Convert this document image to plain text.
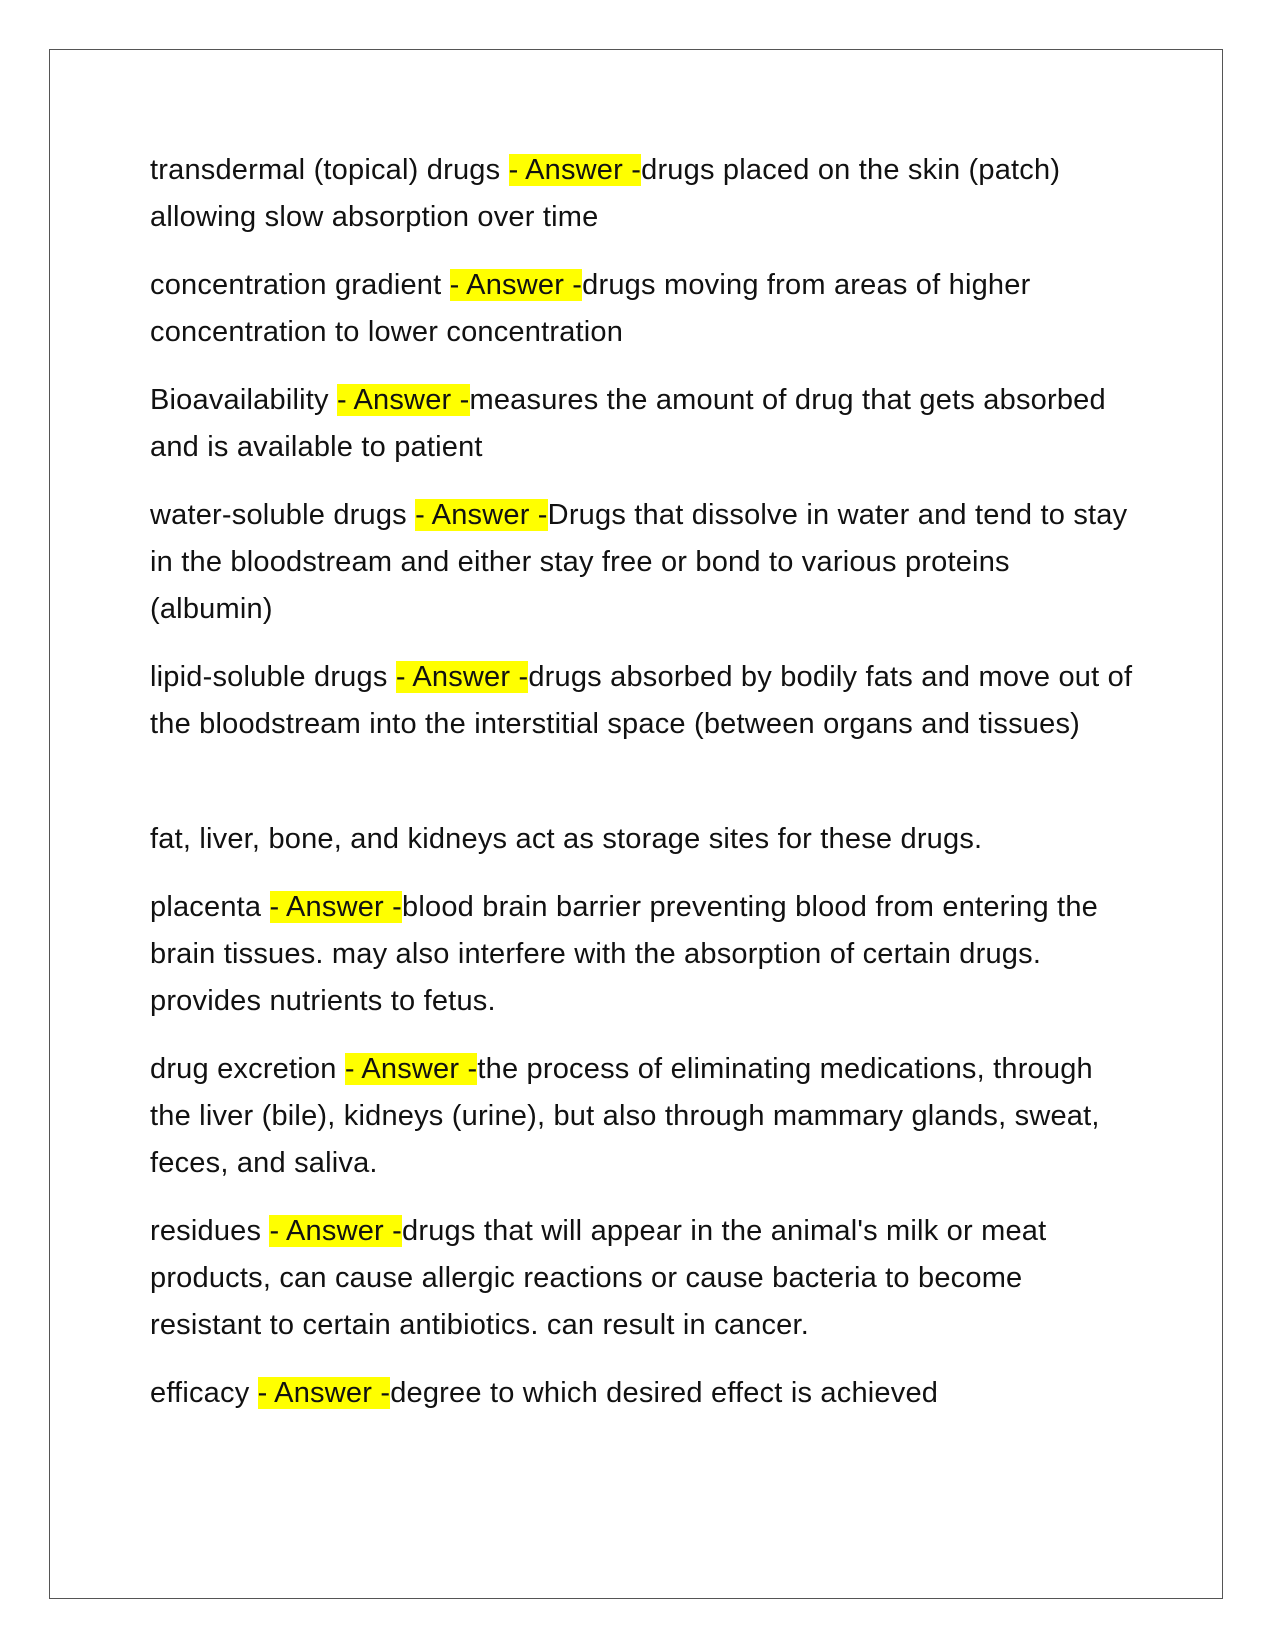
transdermal (topical) drugs - Answer -drugs placed on the skin (patch) allowing slow absorption over time

concentration gradient - Answer -drugs moving from areas of higher concentration to lower concentration

Bioavailability - Answer -measures the amount of drug that gets absorbed and is available to patient

water-soluble drugs - Answer -Drugs that dissolve in water and tend to stay in the bloodstream and either stay free or bond to various proteins (albumin)

lipid-soluble drugs - Answer -drugs absorbed by bodily fats and move out of the bloodstream into the interstitial space (between organs and tissues)

fat, liver, bone, and kidneys act as storage sites for these drugs.

placenta - Answer -blood brain barrier preventing blood from entering the brain tissues. may also interfere with the absorption of certain drugs. provides nutrients to fetus.

drug excretion - Answer -the process of eliminating medications, through the liver (bile), kidneys (urine), but also through mammary glands, sweat, feces, and saliva.

residues - Answer -drugs that will appear in the animal's milk or meat products, can cause allergic reactions or cause bacteria to become resistant to certain antibiotics. can result in cancer.

efficacy - Answer -degree to which desired effect is achieved
